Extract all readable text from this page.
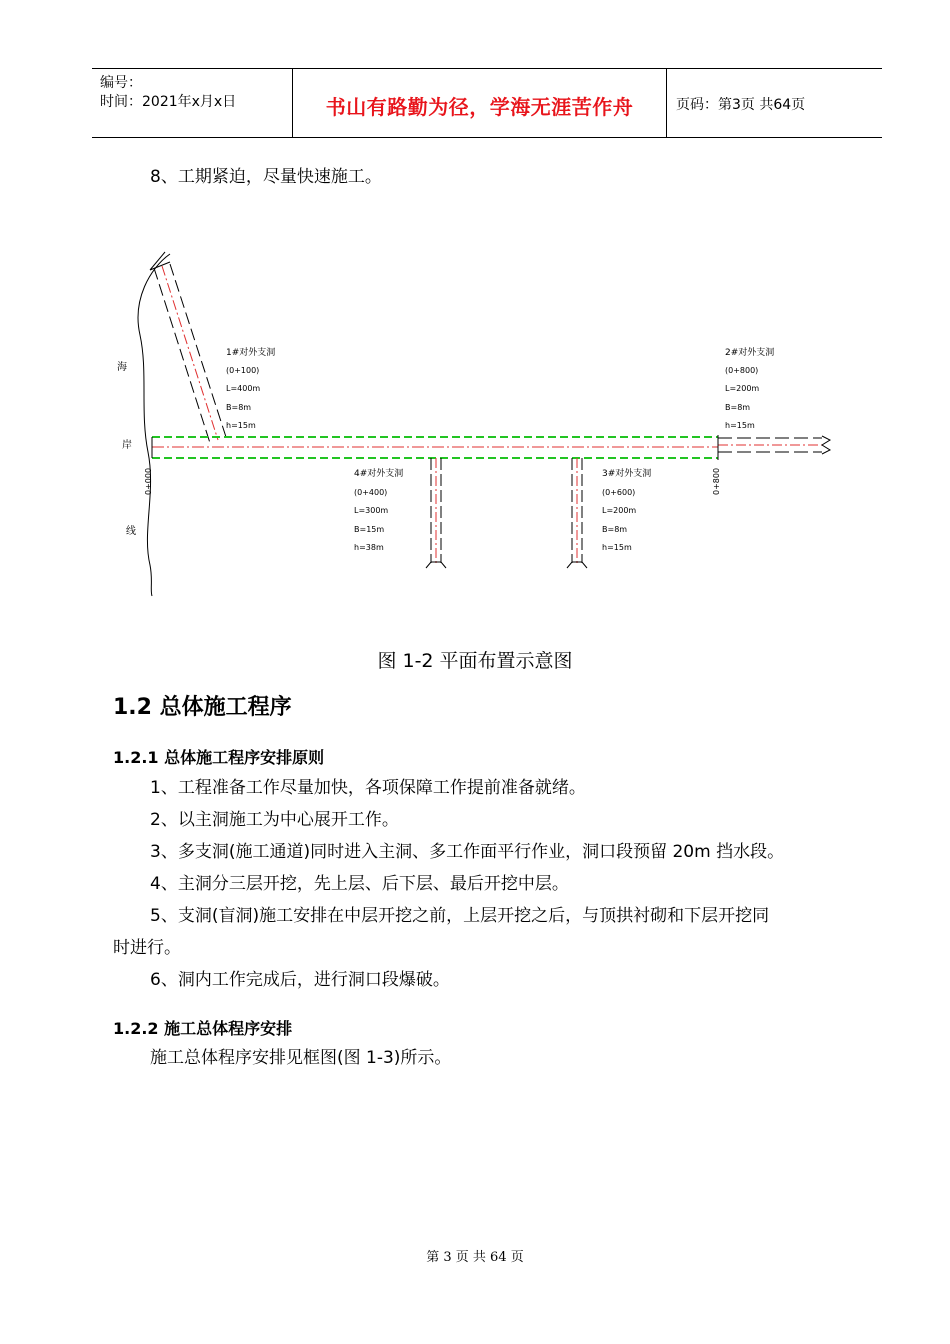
编号：
时间：2021年x月x日	书山有路勤为径，学海无涯苦作舟	页码：第3页 共64页
8、工期紧迫，尽量快速施工。
海
岸
线
0+000	0+800
1#对外支洞
(0+100)
L=400m
B=8m
h=15m
2#对外支洞
(0+800)
L=200m
B=8m
h=15m
4#对外支洞
(0+400)
L=300m
B=15m
h=38m
3#对外支洞
(0+600)
L=200m
B=8m
h=15m
图 1-2 平面布置示意图
1.2 总体施工程序
1.2.1 总体施工程序安排原则
1、工程准备工作尽量加快，各项保障工作提前准备就绪。
2、以主洞施工为中心展开工作。
3、多支洞(施工通道)同时进入主洞、多工作面平行作业，洞口段预留 20m 挡水段。
4、主洞分三层开挖，先上层、后下层、最后开挖中层。
5、支洞(盲洞)施工安排在中层开挖之前，上层开挖之后，与顶拱衬砌和下层开挖同
时进行。
6、洞内工作完成后，进行洞口段爆破。
1.2.2 施工总体程序安排
施工总体程序安排见框图(图 1-3)所示。
第 3 页 共 64 页
